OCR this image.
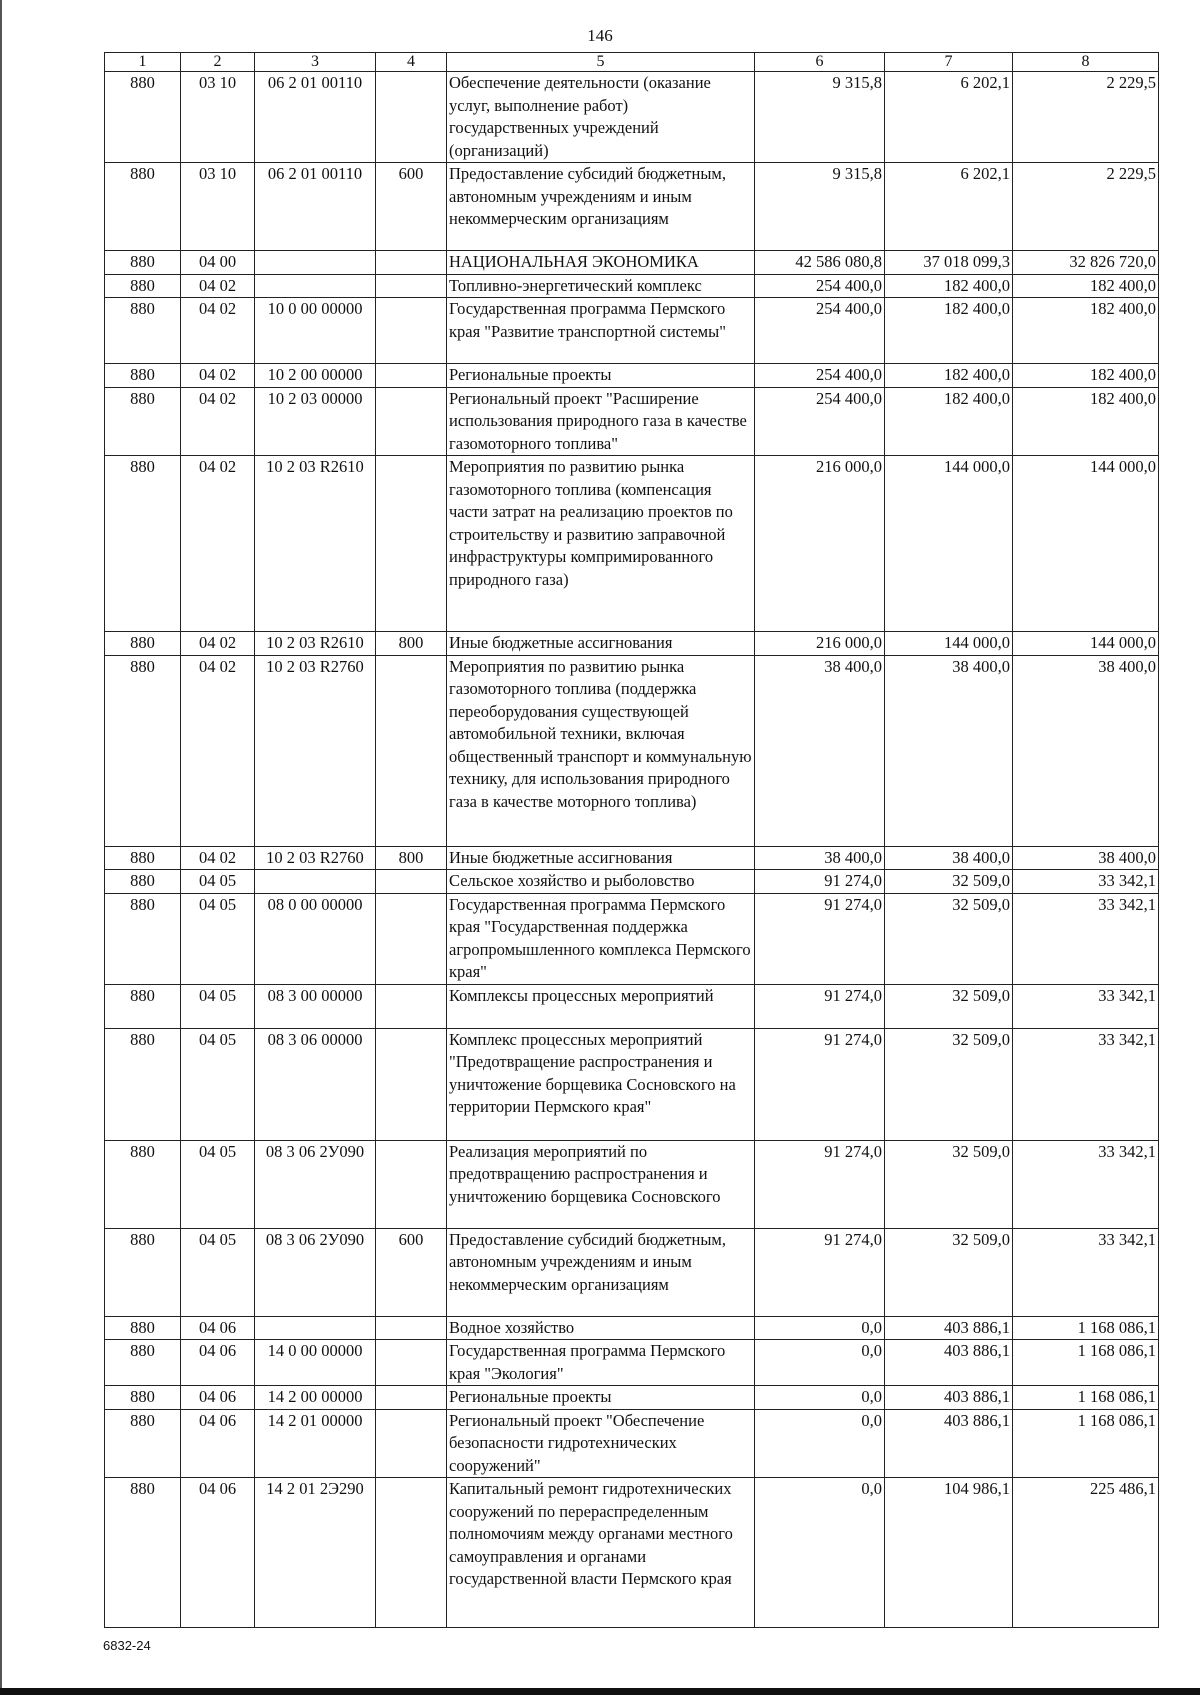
146
1	2	3	4	5	6	7	8
880	03 10	06 2 01 00110		Обеспечение деятельности (оказание услуг, выполнение работ) государственных учреждений (организаций)	9 315,8	6 202,1	2 229,5
880	03 10	06 2 01 00110	600	Предоставление субсидий бюджетным, автономным учреждениям и иным некоммерческим организациям	9 315,8	6 202,1	2 229,5
880	04 00			НАЦИОНАЛЬНАЯ ЭКОНОМИКА	42 586 080,8	37 018 099,3	32 826 720,0
880	04 02			Топливно-энергетический комплекс	254 400,0	182 400,0	182 400,0
880	04 02	10 0 00 00000		Государственная программа Пермского края "Развитие транспортной системы"	254 400,0	182 400,0	182 400,0
880	04 02	10 2 00 00000		Региональные проекты	254 400,0	182 400,0	182 400,0
880	04 02	10 2 03 00000		Региональный проект "Расширение использования природного газа в качестве газомоторного топлива"	254 400,0	182 400,0	182 400,0
880	04 02	10 2 03 R2610		Мероприятия по развитию рынка газомоторного топлива (компенсация части затрат на реализацию проектов по строительству и развитию заправочной инфраструктуры компримированного природного газа)	216 000,0	144 000,0	144 000,0
880	04 02	10 2 03 R2610	800	Иные бюджетные ассигнования	216 000,0	144 000,0	144 000,0
880	04 02	10 2 03 R2760		Мероприятия по развитию рынка газомоторного топлива (поддержка переоборудования существующей автомобильной техники, включая общественный транспорт и коммунальную технику, для использования природного газа в качестве моторного топлива)	38 400,0	38 400,0	38 400,0
880	04 02	10 2 03 R2760	800	Иные бюджетные ассигнования	38 400,0	38 400,0	38 400,0
880	04 05			Сельское хозяйство и рыболовство	91 274,0	32 509,0	33 342,1
880	04 05	08 0 00 00000		Государственная программа Пермского края "Государственная поддержка агропромышленного комплекса Пермского края"	91 274,0	32 509,0	33 342,1
880	04 05	08 3 00 00000		Комплексы процессных мероприятий	91 274,0	32 509,0	33 342,1
880	04 05	08 3 06 00000		Комплекс процессных мероприятий "Предотвращение распространения и уничтожение борщевика Сосновского на территории Пермского края"	91 274,0	32 509,0	33 342,1
880	04 05	08 3 06 2У090		Реализация мероприятий по предотвращению распространения и уничтожению борщевика Сосновского	91 274,0	32 509,0	33 342,1
880	04 05	08 3 06 2У090	600	Предоставление субсидий бюджетным, автономным учреждениям и иным некоммерческим организациям	91 274,0	32 509,0	33 342,1
880	04 06			Водное хозяйство	0,0	403 886,1	1 168 086,1
880	04 06	14 0 00 00000		Государственная программа Пермского края "Экология"	0,0	403 886,1	1 168 086,1
880	04 06	14 2 00 00000		Региональные проекты	0,0	403 886,1	1 168 086,1
880	04 06	14 2 01 00000		Региональный проект "Обеспечение безопасности гидротехнических сооружений"	0,0	403 886,1	1 168 086,1
880	04 06	14 2 01 2Э290		Капитальный ремонт гидротехнических сооружений по перераспределенным полномочиям между органами местного самоуправления и органами государственной власти Пермского края	0,0	104 986,1	225 486,1
6832-24
